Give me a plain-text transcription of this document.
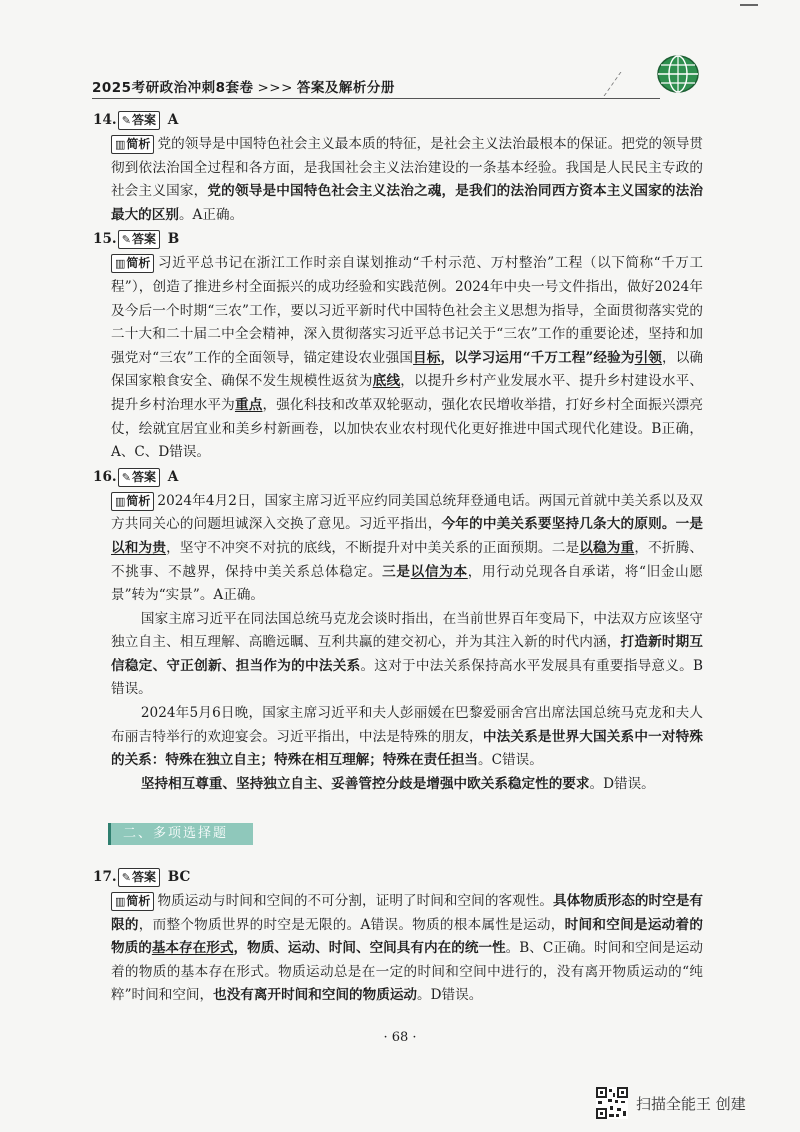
2025考研政治冲刺8套卷 >>> 答案及解析分册
14. ✎答案 A

▥简析 党的领导是中国特色社会主义最本质的特征，是社会主义法治最根本的保证。把党的领导贯彻到依法治国全过程和各方面，是我国社会主义法治建设的一条基本经验。我国是人民民主专政的社会主义国家，党的领导是中国特色社会主义法治之魂，是我们的法治同西方资本主义国家的法治最大的区别。A正确。

15. ✎答案 B

▥简析 习近平总书记在浙江工作时亲自谋划推动“千村示范、万村整治”工程（以下简称“千万工程”），创造了推进乡村全面振兴的成功经验和实践范例。2024年中央一号文件指出，做好2024年及今后一个时期“三农”工作，要以习近平新时代中国特色社会主义思想为指导，全面贯彻落实党的二十大和二十届二中全会精神，深入贯彻落实习近平总书记关于“三农”工作的重要论述，坚持和加强党对“三农”工作的全面领导，锚定建设农业强国目标，以学习运用“千万工程”经验为引领，以确保国家粮食安全、确保不发生规模性返贫为底线，以提升乡村产业发展水平、提升乡村建设水平、提升乡村治理水平为重点，强化科技和改革双轮驱动，强化农民增收举措，打好乡村全面振兴漂亮仗，绘就宜居宜业和美乡村新画卷，以加快农业农村现代化更好推进中国式现代化建设。B正确，A、C、D错误。

16. ✎答案 A

▥简析 2024年4月2日，国家主席习近平应约同美国总统拜登通电话。两国元首就中美关系以及双方共同关心的问题坦诚深入交换了意见。习近平指出，今年的中美关系要坚持几条大的原则。一是以和为贵，坚守不冲突不对抗的底线，不断提升对中美关系的正面预期。二是以稳为重，不折腾、不挑事、不越界，保持中美关系总体稳定。三是以信为本，用行动兑现各自承诺，将“旧金山愿景”转为“实景”。A正确。

国家主席习近平在同法国总统马克龙会谈时指出，在当前世界百年变局下，中法双方应该坚守独立自主、相互理解、高瞻远瞩、互利共赢的建交初心，并为其注入新的时代内涵，打造新时期互信稳定、守正创新、担当作为的中法关系。这对于中法关系保持高水平发展具有重要指导意义。B错误。

2024年5月6日晚，国家主席习近平和夫人彭丽媛在巴黎爱丽舍宫出席法国总统马克龙和夫人布丽吉特举行的欢迎宴会。习近平指出，中法是特殊的朋友，中法关系是世界大国关系中一对特殊的关系：特殊在独立自主；特殊在相互理解；特殊在责任担当。C错误。

坚持相互尊重、坚持独立自主、妥善管控分歧是增强中欧关系稳定性的要求。D错误。

二、多项选择题
17. ✎答案 BC

▥简析 物质运动与时间和空间的不可分割，证明了时间和空间的客观性。具体物质形态的时空是有限的，而整个物质世界的时空是无限的。A错误。物质的根本属性是运动，时间和空间是运动着的物质的基本存在形式，物质、运动、时间、空间具有内在的统一性。B、C正确。时间和空间是运动着的物质的基本存在形式。物质运动总是在一定的时间和空间中进行的，没有离开物质运动的“纯粹”时间和空间，也没有离开时间和空间的物质运动。D错误。

· 68 ·
扫描全能王 创建
